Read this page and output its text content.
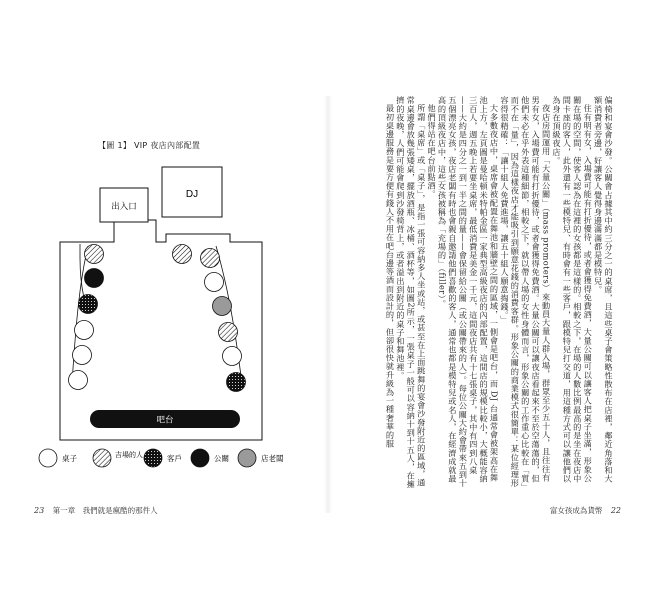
【圖 1】 VIP 夜店內部配置
DJ
出入口
吧台
桌子	吉場的人	客戶	公關	店老闆
23 第一章　我們就是瘋酷的那件人

偏椅和宴會沙發。公關會占據其中約三分之一的桌席，且這些桌子會策略性散布在店裡，鄰近角落和大額消費者旁邊，好讓客人覺得身邊滿滿都是模特兒。

住有明有女，入場費可能有打折優待，或者會獲得免費酒，大量公關可以讓客人把桌子坐滿，形象公關在場的空間，使客人認為在這裡的女孩都是這樣的。相較之下，在場的人數比例最高的是坐在夜店中間卡座的客人，此外還有一些模特兒、有時會有一些客戶，跟模特兒打交道，用這種方式可以讓他們以為身在頂級夜店。

夜店房間運用「大量公關」（mass promoters）來動員大量人群入場，群眾至少五十人，且往往有男有女，入場費可能有打折優待，或者會獲得免費酒。大量公關可以讓夜店看起來不至於空蕩蕩的，但他們未必在乎外表這種細節，相較之下，就以帶人場的女性身體而言，形象公關的工作重心比較在「質」而不在「量」，因為這樣夜店才能吸引到願意花錢的消費客群。形象公關的商業模式很簡單：某位經理形容得很精確：「讓十組人免費進場，讓五十組人願意掏錢。」

大多數夜店中，桌席會被配置在舞池和牆壁之間的區域，一側會是吧台，而 DJ 台通常會被架高在舞池上方，左頁圖是曼哈頓米特帕金區一家典型高級夜店的內部配置，這間店的規模比較小，大概能容納三百人，週五晚上若要坐桌席，最低消費是美金一千元，這間夜店共有十七張桌子，其中有四到八桌——大約是四分之一到一半之間的量——會保留給公關（或公關帶來的人）。每位公關大約會帶來五到十五個漂亮女孩，夜店老闆有時也會親自邀請他們喜歡的客人，通常也都是模特兒或名人，在經濟成就最高的頂級夜店中，這些女孩被稱為「充場的」（filler）。

他們得站在吧台前點酒。

所謂「桌席」或「桌子」，是指一張可容納多人坐或站，或甚至在上面跳舞的宴會沙發附近的區域，通常桌邊會放幾張矮桌，擺放酒瓶、冰桶、酒杯等，如圖2所示，一張桌子一般可以容納十到十五人，在擁擠的夜晚，人們可能會爬到沙發椅背上，或者溢出到附近的桌子和舞池裡。

最初桌邊服務是要方便有錢人不用在吧台邊等酒而設計的，但卻很快就升級為一種奢華的服

富女孩成為貨幣 22
